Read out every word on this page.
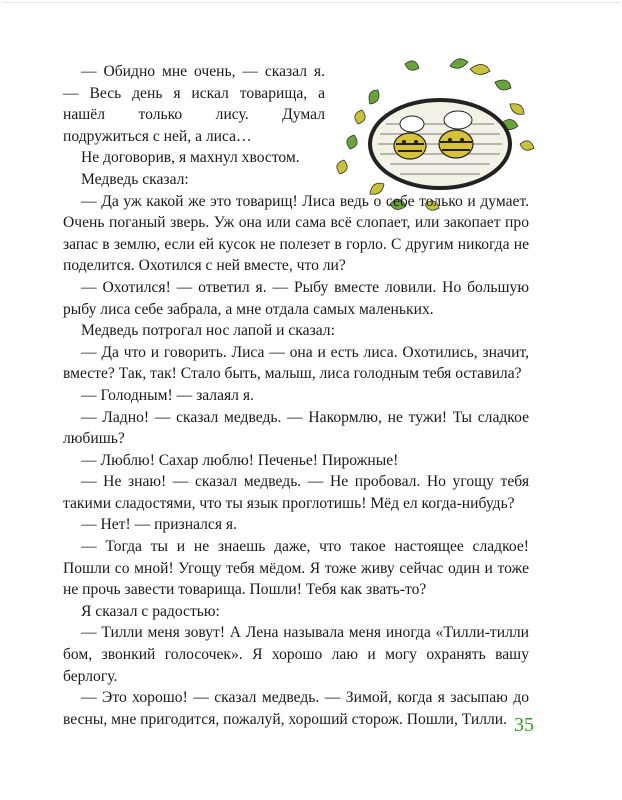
— Обидно мне очень, — сказал я. — Весь день я искал товарища, а нашёл только лису. Думал подружиться с ней, а лиса…

Не договорив, я махнул хвостом.

Медведь сказал:

— Да уж какой же это товарищ! Лиса ведь о себе только и думает. Очень поганый зверь. Уж она или сама всё слопает, или закопает про запас в землю, если ей кусок не полезет в горло. С другим никогда не поделится. Охотился с ней вместе, что ли?

— Охотился! — ответил я. — Рыбу вместе ловили. Но большую рыбу лиса себе забрала, а мне отдала самых маленьких.

Медведь потрогал нос лапой и сказал:

— Да что и говорить. Лиса — она и есть лиса. Охотились, значит, вместе? Так, так! Стало быть, малыш, лиса голодным тебя оставила?

— Голодным! — залаял я.

— Ладно! — сказал медведь. — Накормлю, не тужи! Ты сладкое любишь?

— Люблю! Сахар люблю! Печенье! Пирожные!

— Не знаю! — сказал медведь. — Не пробовал. Но угощу тебя такими сладостями, что ты язык проглотишь! Мёд ел когда-нибудь?

— Нет! — признался я.

— Тогда ты и не знаешь даже, что такое настоящее сладкое! Пошли со мной! Угощу тебя мёдом. Я тоже живу сейчас один и тоже не прочь завести товарища. Пошли! Тебя как звать-то?

Я сказал с радостью:

— Тилли меня зовут! А Лена называла меня иногда «Тилли-тилли бом, звонкий голосочек». Я хорошо лаю и могу охранять вашу берлогу.

— Это хорошо! — сказал медведь. — Зимой, когда я засыпаю до весны, мне пригодится, пожалуй, хороший сторож. Пошли, Тилли. 35
